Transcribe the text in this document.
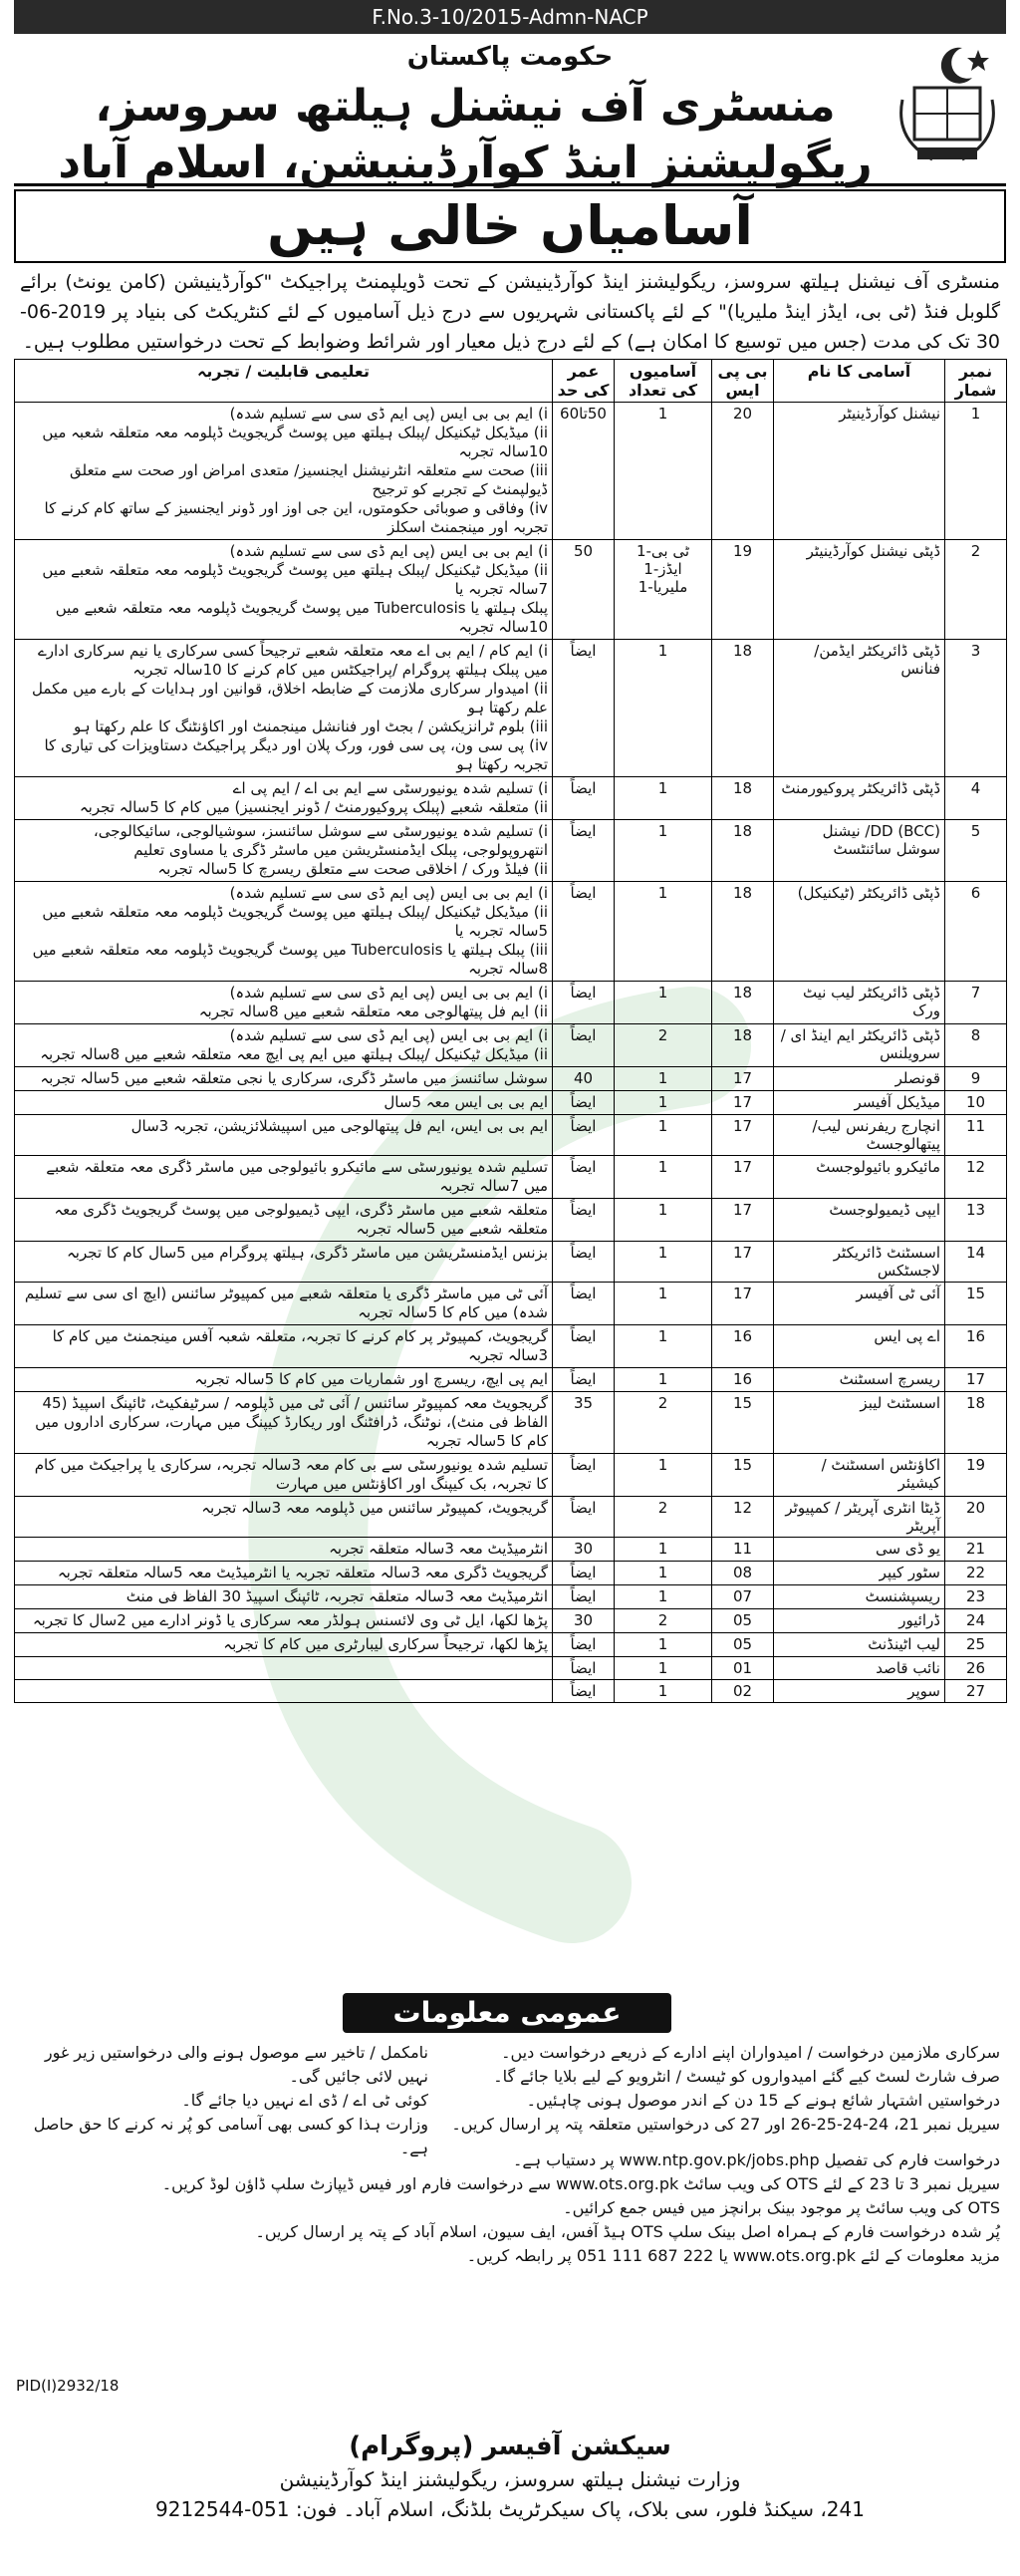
F.No.3-10/2015-Admn-NACP
حکومت پاکستان
منسٹری آف نیشنل ہیلتھ سروسز، ریگولیشنز اینڈ کوآرڈینیشن، اسلام آباد
آسامیاں خالی ہیں
منسٹری آف نیشنل ہیلتھ سروسز، ریگولیشنز اینڈ کوآرڈینیشن کے تحت ڈویلپمنٹ پراجیکٹ "کوآرڈینیشن (کامن یونٹ) برائے گلوبل فنڈ (ٹی بی، ایڈز اینڈ ملیریا)" کے لئے پاکستانی شہریوں سے درج ذیل آسامیوں کے لئے کنٹریکٹ کی بنیاد پر 2019-06-30 تک کی مدت (جس میں توسیع کا امکان ہے) کے لئے درج ذیل معیار اور شرائط وضوابط کے تحت درخواستیں مطلوب ہیں۔
نمبر شمار	آسامی کا نام	بی پی ایس	آسامیوں کی تعداد	عمر کی حد	تعلیمی قابلیت / تجربہ
1	نیشنل کوآرڈینیٹر	20	1	50تا60	i) ایم بی بی ایس (پی ایم ڈی سی سے تسلیم شدہ)
ii) میڈیکل ٹیکنیکل /پبلک ہیلتھ میں پوسٹ گریجویٹ ڈپلومہ معہ متعلقہ شعبہ میں 10سالہ تجربہ
iii) صحت سے متعلقہ انٹرنیشنل ایجنسیز/ متعدی امراض اور صحت سے متعلق ڈیولپمنٹ کے تجربے کو ترجیح
iv) وفاقی و صوبائی حکومتوں، این جی اوز اور ڈونر ایجنسیز کے ساتھ کام کرنے کا تجربہ اور مینجمنٹ اسکلز

2	ڈپٹی نیشنل کوآرڈینیٹر	19	ٹی بی-1 ایڈز-1 ملیریا-1	50	i) ایم بی بی ایس (پی ایم ڈی سی سے تسلیم شدہ)
ii) میڈیکل ٹیکنیکل /پبلک ہیلتھ میں پوسٹ گریجویٹ ڈپلومہ معہ متعلقہ شعبے میں 7سالہ تجربہ یا
پبلک ہیلتھ یا Tuberculosis میں پوسٹ گریجویٹ ڈپلومہ معہ متعلقہ شعبے میں 10سالہ تجربہ

3	ڈپٹی ڈائریکٹر ایڈمن/فنانس	18	1	ایضاً	i) ایم کام / ایم بی اے معہ متعلقہ شعبے ترجیحاً کسی سرکاری یا نیم سرکاری ادارے میں پبلک ہیلتھ پروگرام /پراجیکٹس میں کام کرنے کا 10سالہ تجربہ
ii) امیدوار سرکاری ملازمت کے ضابطہ اخلاق، قوانین اور ہدایات کے بارے میں مکمل علم رکھتا ہو
iii) بلوم ٹرانزیکشن / بجٹ اور فنانشل مینجمنٹ اور اکاؤنٹنگ کا علم رکھتا ہو
iv) پی سی ون، پی سی فور، ورک پلان اور دیگر پراجیکٹ دستاویزات کی تیاری کا تجربہ رکھتا ہو

4	ڈپٹی ڈائریکٹر پروکیورمنٹ	18	1	ایضاً	i) تسلیم شدہ یونیورسٹی سے ایم بی اے / ایم پی اے
ii) متعلقہ شعبے (پبلک پروکیورمنٹ / ڈونر ایجنسیز) میں کام کا 5سالہ تجربہ

5	DD (BCC)/ نیشنل سوشل سائنٹسٹ	18	1	ایضاً	i) تسلیم شدہ یونیورسٹی سے سوشل سائنسز، سوشیالوجی، سائیکالوجی، انتھروپولوجی، پبلک ایڈمنسٹریشن میں ماسٹر ڈگری یا مساوی تعلیم
ii) فیلڈ ورک / اخلاقی صحت سے متعلق ریسرچ کا 5سالہ تجربہ

6	ڈپٹی ڈائریکٹر (ٹیکنیکل)	18	1	ایضاً	i) ایم بی بی ایس (پی ایم ڈی سی سے تسلیم شدہ)
ii) میڈیکل ٹیکنیکل /پبلک ہیلتھ میں پوسٹ گریجویٹ ڈپلومہ معہ متعلقہ شعبے میں 5سالہ تجربہ یا
iii) پبلک ہیلتھ یا Tuberculosis میں پوسٹ گریجویٹ ڈپلومہ معہ متعلقہ شعبے میں 8سالہ تجربہ

7	ڈپٹی ڈائریکٹر لیب نیٹ ورک	18	1	ایضاً	i) ایم بی بی ایس (پی ایم ڈی سی سے تسلیم شدہ)
ii) ایم فل پیتھالوجی معہ متعلقہ شعبے میں 8سالہ تجربہ

8	ڈپٹی ڈائریکٹر ایم اینڈ ای / سرویلنس	18	2	ایضاً	i) ایم بی بی ایس (پی ایم ڈی سی سے تسلیم شدہ)
ii) میڈیکل ٹیکنیکل /پبلک ہیلتھ میں ایم پی ایچ معہ متعلقہ شعبے میں 8سالہ تجربہ

9	قونصلر	17	1	40	سوشل سائنسز میں ماسٹر ڈگری، سرکاری یا نجی متعلقہ شعبے میں 5سالہ تجربہ

10	میڈیکل آفیسر	17	1	ایضاً	ایم بی بی ایس معہ 5سال

11	انچارج ریفرنس لیب/پیتھالوجسٹ	17	1	ایضاً	ایم بی بی ایس، ایم فل پیتھالوجی میں اسپیشلائزیشن، تجربہ 3سال

12	مائیکرو بائیولوجسٹ	17	1	ایضاً	تسلیم شدہ یونیورسٹی سے مائیکرو بائیولوجی میں ماسٹر ڈگری معہ متعلقہ شعبے میں 7سالہ تجربہ

13	ایپی ڈیمیولوجسٹ	17	1	ایضاً	متعلقہ شعبے میں ماسٹر ڈگری، ایپی ڈیمیولوجی میں پوسٹ گریجویٹ ڈگری معہ متعلقہ شعبے میں 5سالہ تجربہ

14	اسسٹنٹ ڈائریکٹر لاجسٹکس	17	1	ایضاً	بزنس ایڈمنسٹریشن میں ماسٹر ڈگری، ہیلتھ پروگرام میں 5سال کام کا تجربہ

15	آئی ٹی آفیسر	17	1	ایضاً	آئی ٹی میں ماسٹر ڈگری یا متعلقہ شعبے میں کمپیوٹر سائنس (ایچ ای سی سے تسلیم شدہ) میں کام کا 5سالہ تجربہ

16	اے پی ایس	16	1	ایضاً	گریجویٹ، کمپیوٹر پر کام کرنے کا تجربہ، متعلقہ شعبہ آفس مینجمنٹ میں کام کا 3سالہ تجربہ

17	ریسرچ اسسٹنٹ	16	1	ایضاً	ایم پی ایچ، ریسرچ اور شماریات میں کام کا 5سالہ تجربہ

18	اسسٹنٹ لیبز	15	2	35	گریجویٹ معہ کمپیوٹر سائنس / آئی ٹی میں ڈپلومہ / سرٹیفکیٹ، ٹائپنگ اسپیڈ (45 الفاظ فی منٹ)، نوٹنگ، ڈرافٹنگ اور ریکارڈ کیپنگ میں مہارت، سرکاری اداروں میں کام کا 5سالہ تجربہ

19	اکاؤنٹس اسسٹنٹ / کیشیئر	15	1	ایضاً	تسلیم شدہ یونیورسٹی سے بی کام معہ 3سالہ تجربہ، سرکاری یا پراجیکٹ میں کام کا تجربہ، بک کیپنگ اور اکاؤنٹس میں مہارت

20	ڈیٹا انٹری آپریٹر / کمپیوٹر آپریٹر	12	2	ایضاً	گریجویٹ، کمپیوٹر سائنس میں ڈپلومہ معہ 3سالہ تجربہ

21	یو ڈی سی	11	1	30	انٹرمیڈیٹ معہ 3سالہ متعلقہ تجربہ

22	سٹور کیپر	08	1	ایضاً	گریجویٹ ڈگری معہ 3سالہ متعلقہ تجربہ یا انٹرمیڈیٹ معہ 5سالہ متعلقہ تجربہ

23	ریسپشنسٹ	07	1	ایضاً	انٹرمیڈیٹ معہ 3سالہ متعلقہ تجربہ، ٹائپنگ اسپیڈ 30 الفاظ فی منٹ

24	ڈرائیور	05	2	30	پڑھا لکھا، ایل ٹی وی لائسنس ہولڈر معہ سرکاری یا ڈونر ادارے میں 2سال کا تجربہ

25	لیب اٹینڈنٹ	05	1	ایضاً	پڑھا لکھا، ترجیحاً سرکاری لیبارٹری میں کام کا تجربہ

26	نائب قاصد	01	1	ایضاً	

27	سوپر	02	1	ایضاً	
عمومی معلومات
سرکاری ملازمین درخواست / امیدواران اپنے ادارے کے ذریعے درخواست دیں۔
صرف شارٹ لسٹ کیے گئے امیدواروں کو ٹیسٹ / انٹرویو کے لیے بلایا جائے گا۔
درخواستیں اشتہار شائع ہونے کے 15 دن کے اندر موصول ہونی چاہئیں۔
سیریل نمبر 21، 24-24-25-26 اور 27 کی درخواستیں متعلقہ پتہ پر ارسال کریں۔
نامکمل / تاخیر سے موصول ہونے والی درخواستیں زیر غور نہیں لائی جائیں گی۔
کوئی ٹی اے / ڈی اے نہیں دیا جائے گا۔
وزارت ہذا کو کسی بھی آسامی کو پُر نہ کرنے کا حق حاصل ہے۔
درخواست فارم کی تفصیل www.ntp.gov.pk/jobs.php پر دستیاب ہے۔
سیریل نمبر 3 تا 23 کے لئے OTS کی ویب سائٹ www.ots.org.pk سے درخواست فارم اور فیس ڈیپازٹ سلپ ڈاؤن لوڈ کریں۔
OTS کی ویب سائٹ پر موجود بینک برانچز میں فیس جمع کرائیں۔
پُر شدہ درخواست فارم کے ہمراہ اصل بینک سلپ OTS ہیڈ آفس، ایف سیون، اسلام آباد کے پتہ پر ارسال کریں۔
مزید معلومات کے لئے www.ots.org.pk یا 222 687 111 051 پر رابطہ کریں۔
PID(I)2932/18
سیکشن آفیسر (پروگرام)
وزارت نیشنل ہیلتھ سروسز، ریگولیشنز اینڈ کوآرڈینیشن
241، سیکنڈ فلور، سی بلاک، پاک سیکرٹریٹ بلڈنگ، اسلام آباد۔ فون: 051-9212544
